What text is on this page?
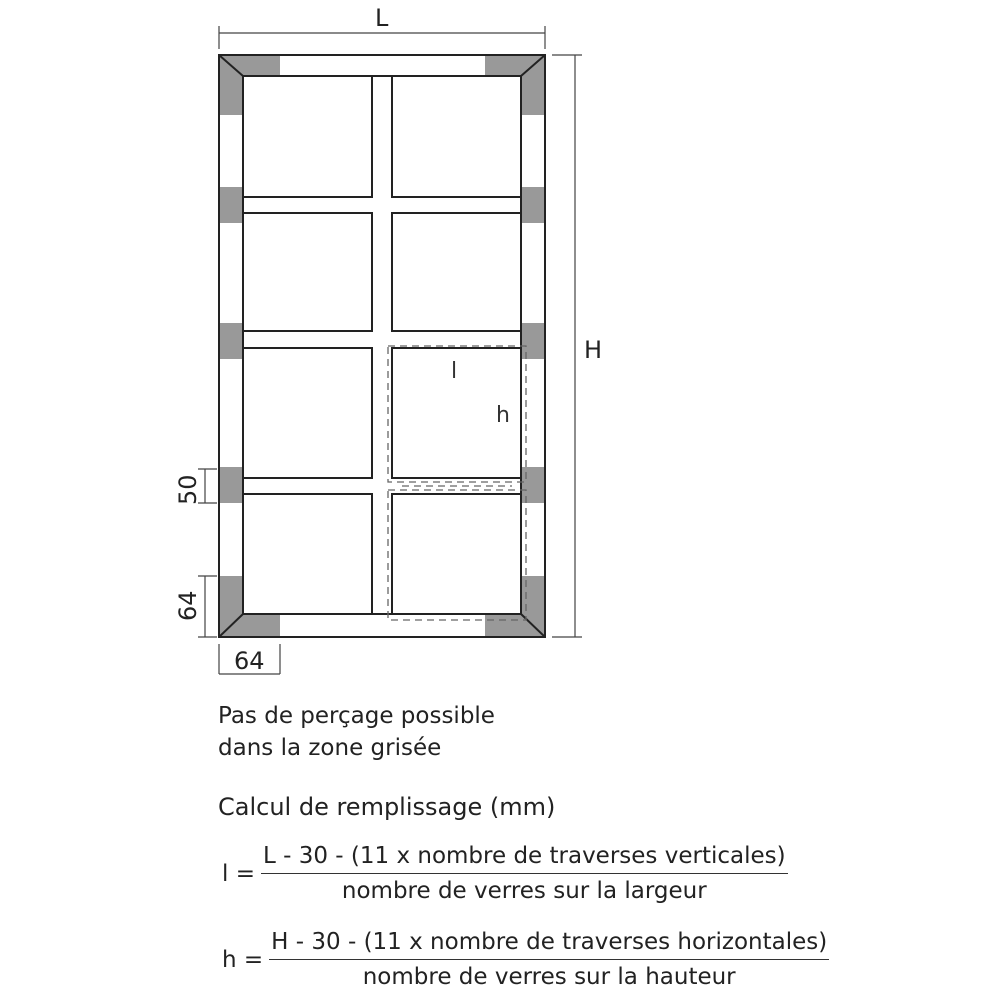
l
h
L
H
50
64
64
Pas de perçage possible
dans la zone grisée
Calcul de remplissage (mm)
$l = \frac{\text{L - 30 - (11 x nombre de traverses verticales)}}{\text{nombre de verres sur la largeur}}$
$h = \frac{\text{H - 30 - (11 x nombre de traverses horizontales)}}{\text{nombre de verres sur la hauteur}}$
